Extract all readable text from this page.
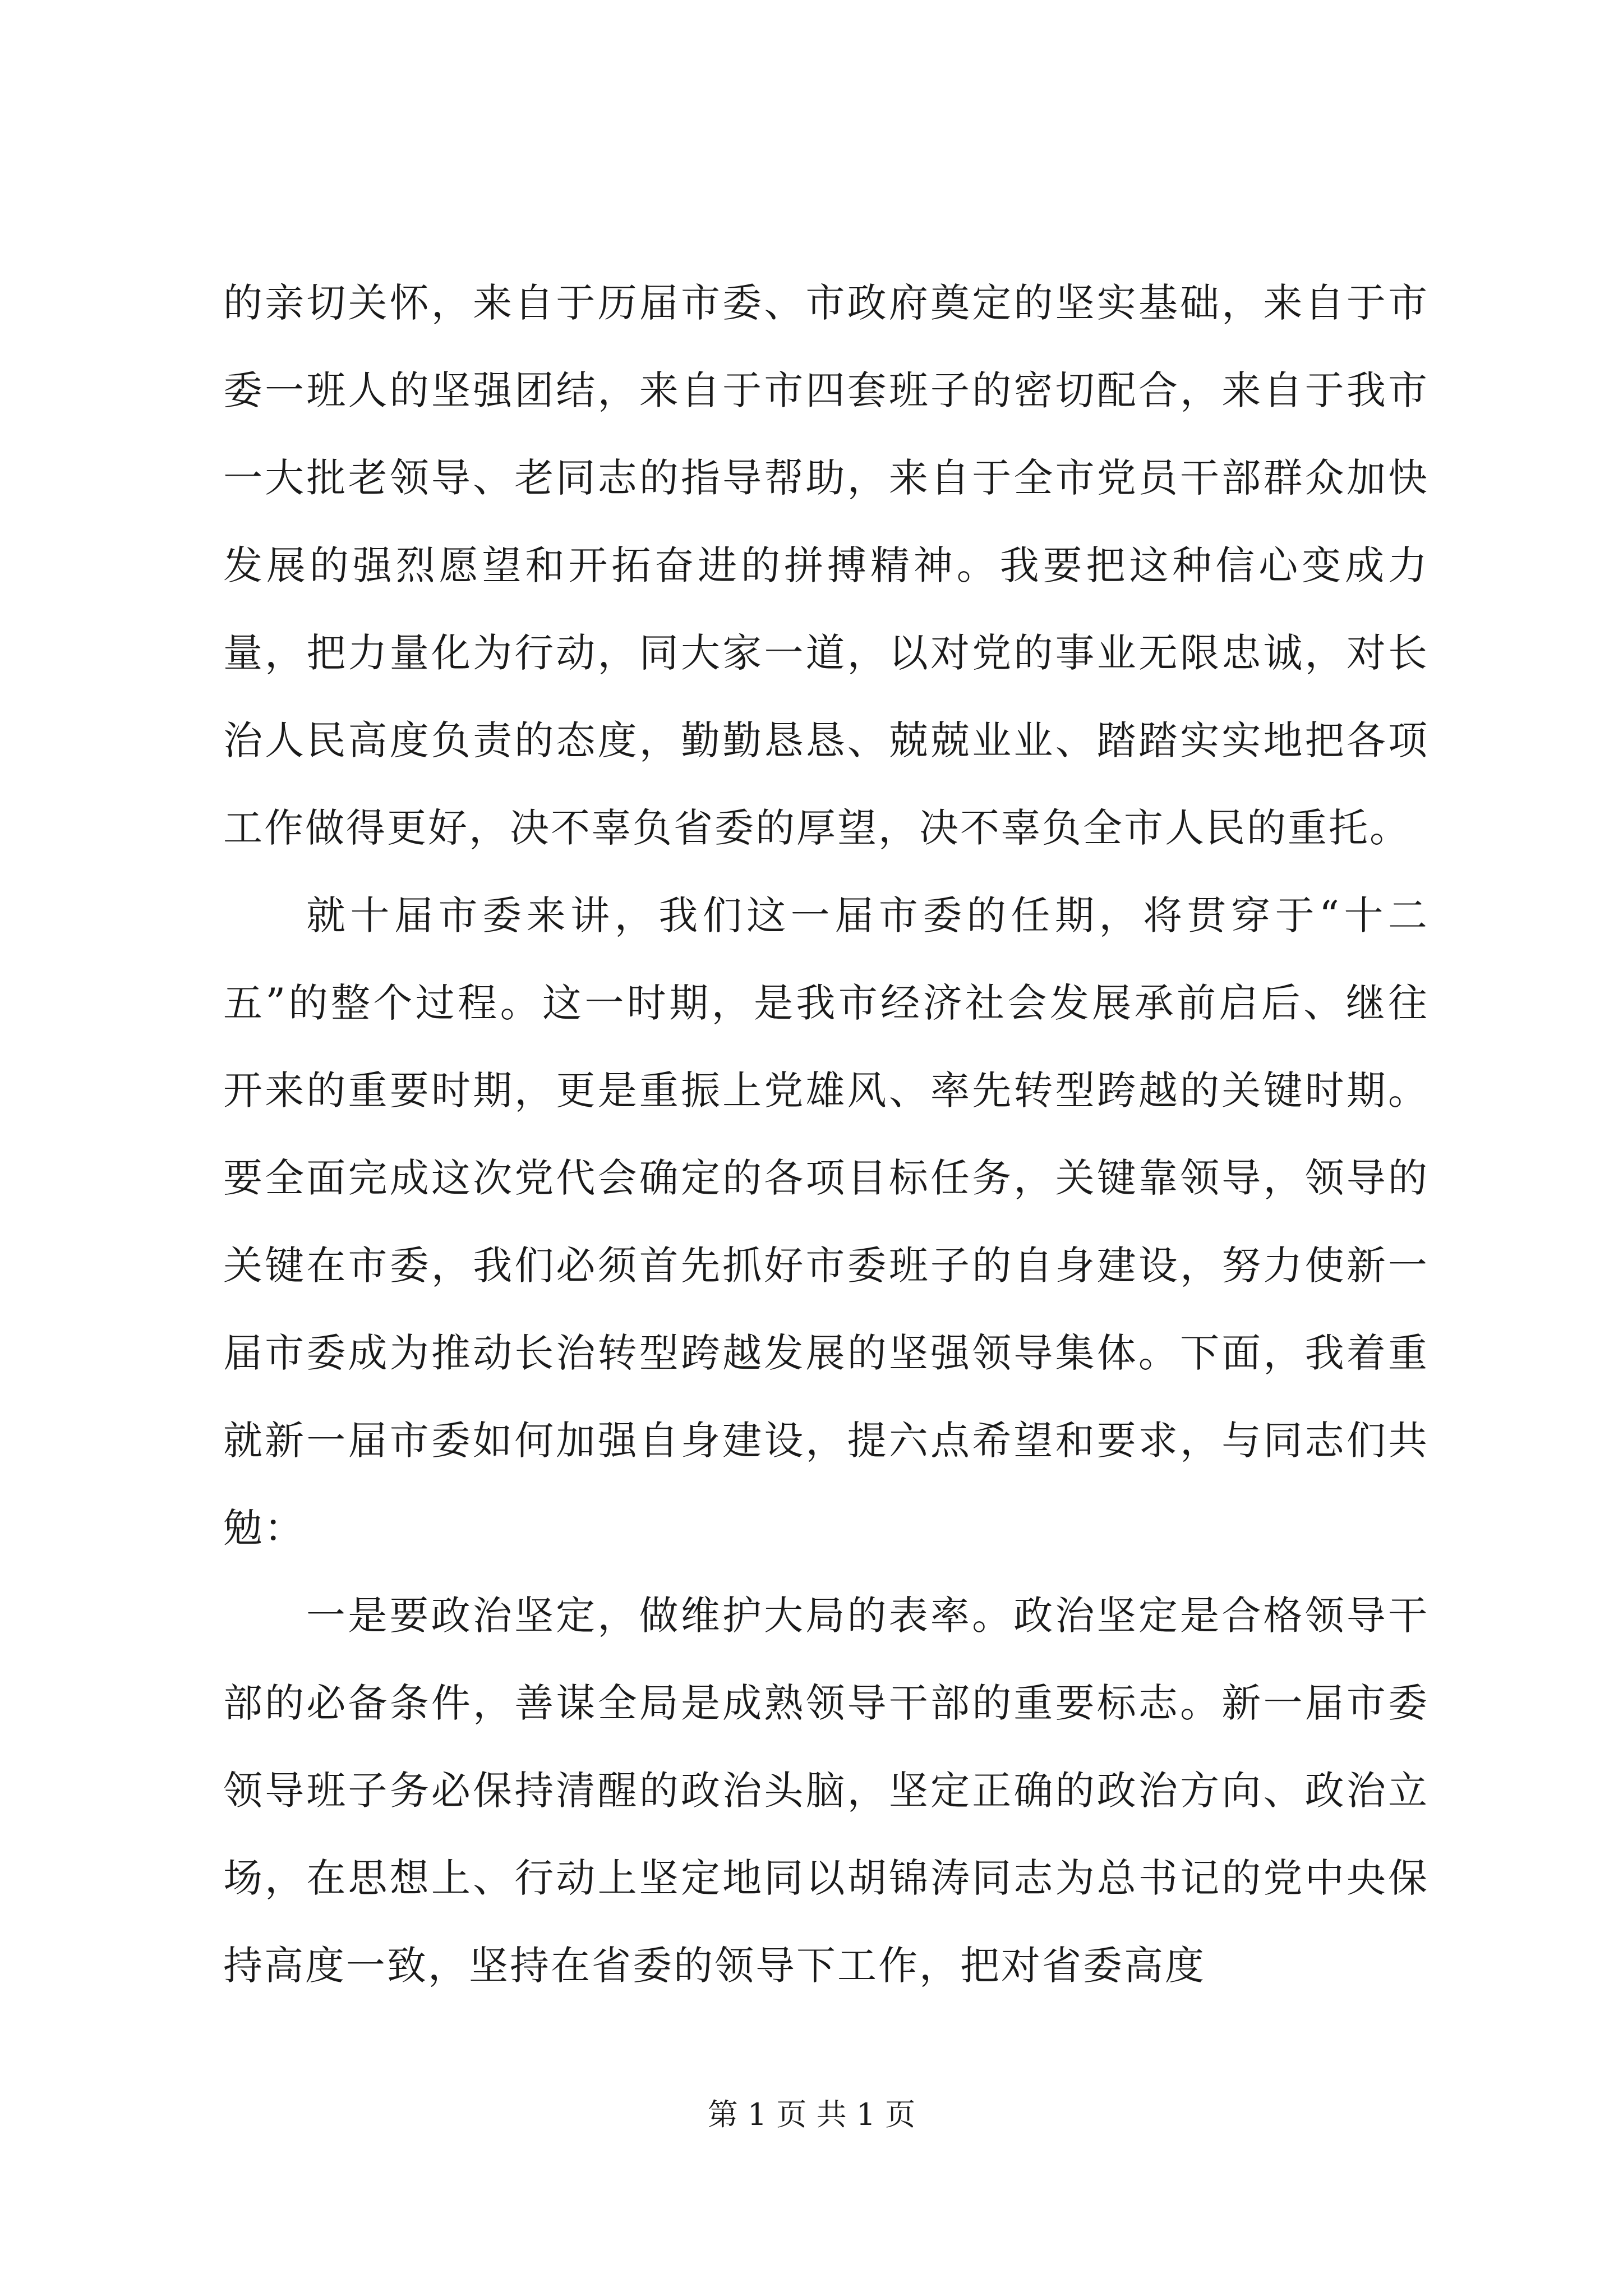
的亲切关怀，来自于历届市委、市政府奠定的坚实基础，来自于市委一班人的坚强团结，来自于市四套班子的密切配合，来自于我市一大批老领导、老同志的指导帮助，来自于全市党员干部群众加快发展的强烈愿望和开拓奋进的拼搏精神。我要把这种信心变成力量，把力量化为行动，同大家一道，以对党的事业无限忠诚，对长治人民高度负责的态度，勤勤恳恳、兢兢业业、踏踏实实地把各项工作做得更好，决不辜负省委的厚望，决不辜负全市人民的重托。

就十届市委来讲，我们这一届市委的任期，将贯穿于“十二五”的整个过程。这一时期，是我市经济社会发展承前启后、继往开来的重要时期，更是重振上党雄风、率先转型跨越的关键时期。要全面完成这次党代会确定的各项目标任务，关键靠领导，领导的关键在市委，我们必须首先抓好市委班子的自身建设，努力使新一届市委成为推动长治转型跨越发展的坚强领导集体。下面，我着重就新一届市委如何加强自身建设，提六点希望和要求，与同志们共勉：

一是要政治坚定，做维护大局的表率。政治坚定是合格领导干部的必备条件，善谋全局是成熟领导干部的重要标志。新一届市委领导班子务必保持清醒的政治头脑，坚定正确的政治方向、政治立场，在思想上、行动上坚定地同以胡锦涛同志为总书记的党中央保持高度一致，坚持在省委的领导下工作，把对省委高度

第 1 页 共 1 页
